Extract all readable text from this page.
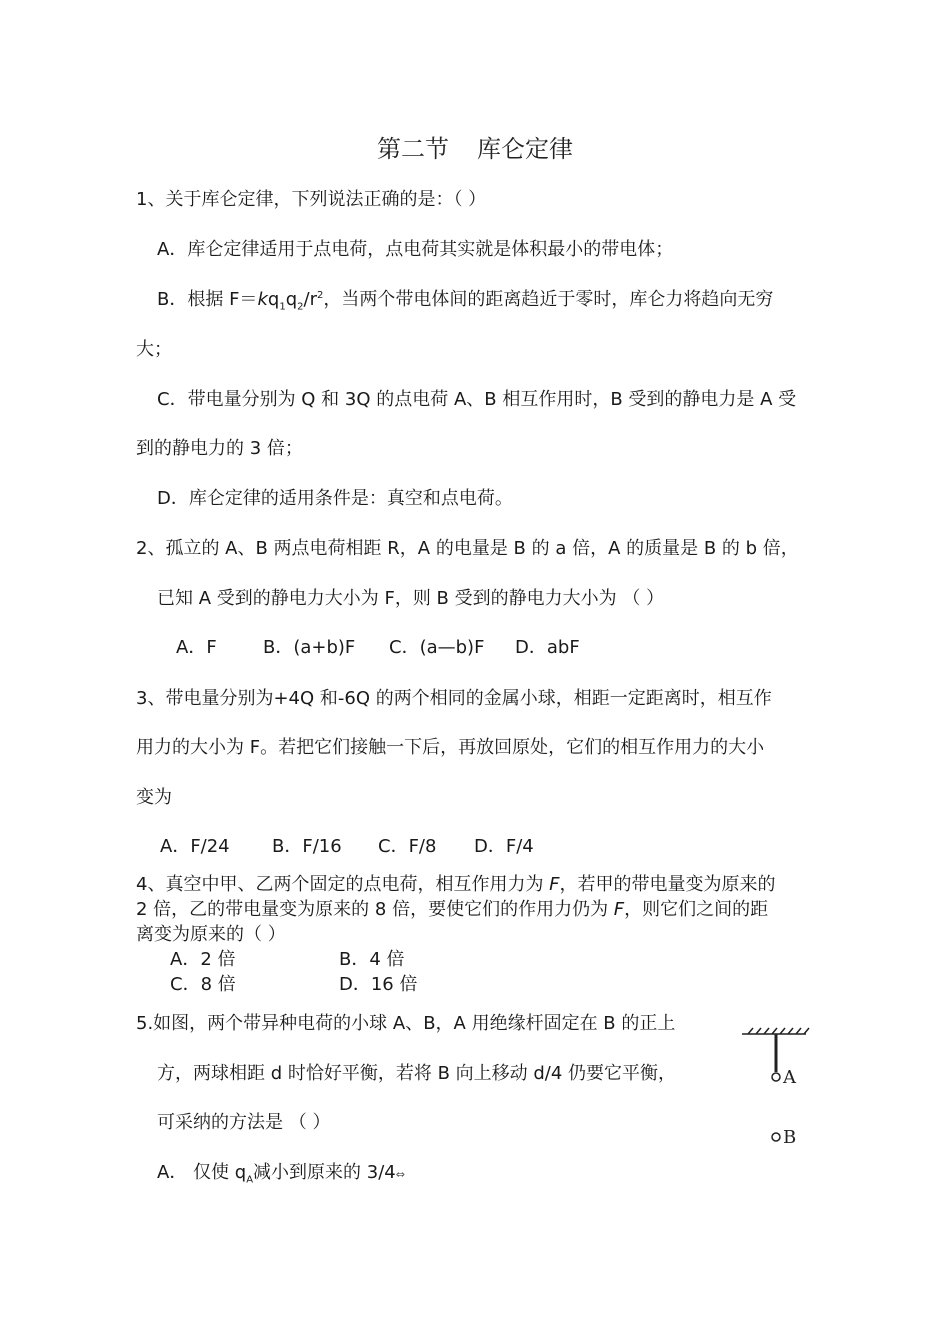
第二节 库仑定律
1、关于库仑定律，下列说法正确的是：（ ）
A．库仑定律适用于点电荷，点电荷其实就是体积最小的带电体；
B．根据 $F=kq_1q_2/r^2$，当两个带电体间的距离趋近于零时，库仑力将趋向无穷
大；
C．带电量分别为 Q 和 3Q 的点电荷 A、B 相互作用时，B 受到的静电力是 A 受
到的静电力的 3 倍；
D．库仑定律的适用条件是：真空和点电荷。
2、孤立的 A、B 两点电荷相距 R，A 的电量是 B 的 a 倍，A 的质量是 B 的 b 倍，
已知 A 受到的静电力大小为 F，则 B 受到的静电力大小为 （ ）
A．F	B．(a+b)F C．(a—b)F D．abF
3、带电量分别为+4Q 和-6Q 的两个相同的金属小球，相距一定距离时，相互作
用力的大小为 F。若把它们接触一下后，再放回原处，它们的相互作用力的大小
变为
A．F/24 B．F/16 C．F/8 D．F/4
4、真空中甲、乙两个固定的点电荷，相互作用力为 F，若甲的带电量变为原来的
2 倍，乙的带电量变为原来的 8 倍，要使它们的作用力仍为 F，则它们之间的距
离变为原来的（ ）
A．2 倍	B．4 倍
C．8 倍	D．16 倍
5.如图，两个带异种电荷的小球 A、B，A 用绝缘杆固定在 B 的正上
方，两球相距 d 时恰好平衡，若将 B 向上移动 d/4 仍要它平衡，
可采纳的方法是 （ ）
A． 仅使 $q_A$减小到原来的 3/4⇔
A
B
